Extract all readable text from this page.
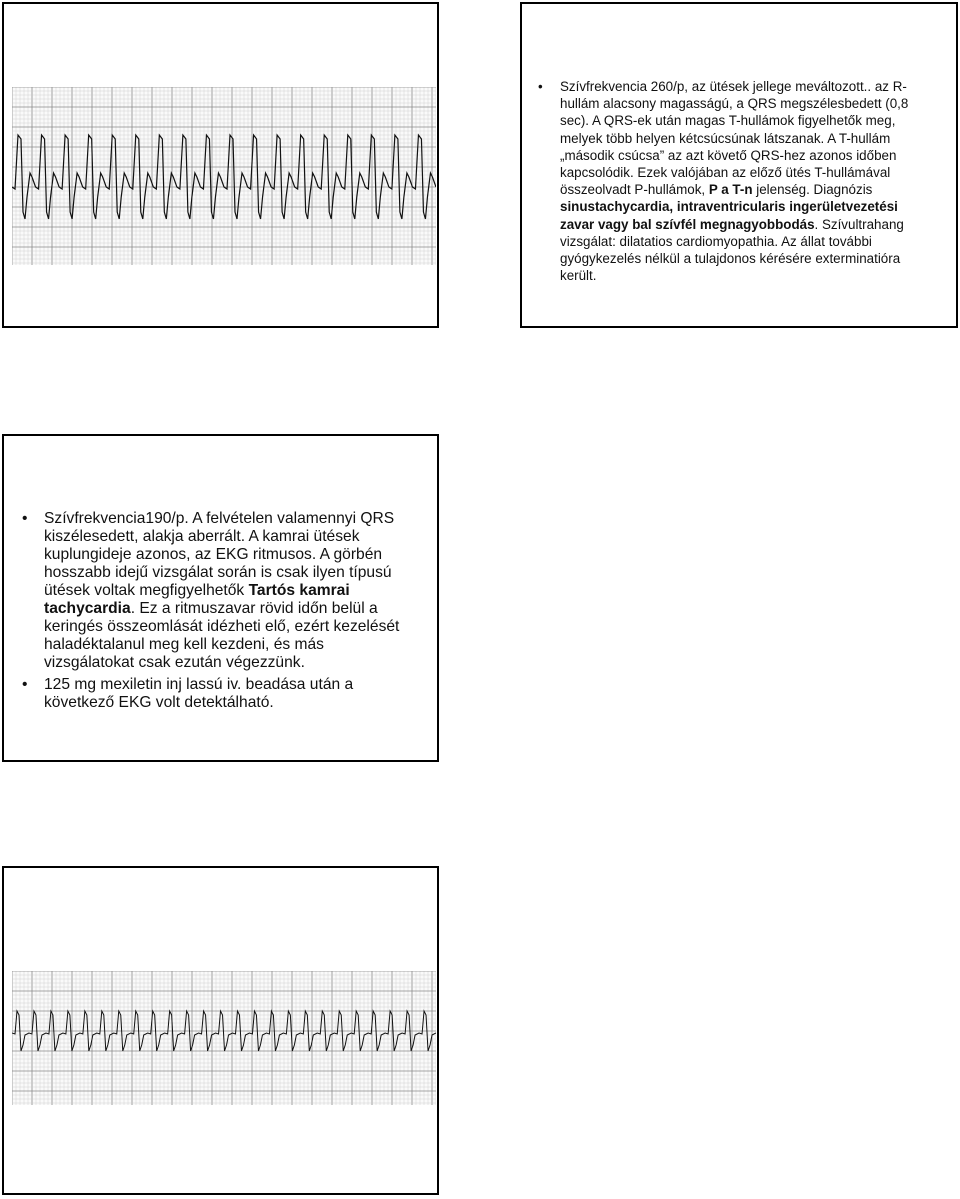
• Szívfrekvencia 260/p, az ütések jellege meváltozott.. az R-hullám alacsony magasságú, a QRS megszélesbedett (0,8 sec). A QRS-ek után magas T-hullámok figyelhetők meg, melyek több helyen kétcsúcsúnak látszanak. A T-hullám „második csúcsa” az azt követő QRS-hez azonos időben kapcsolódik. Ezek valójában az előző ütés T-hullámával összeolvadt P-hullámok, P a T-n jelenség. Diagnózis sinustachycardia, intraventricularis ingerületvezetési zavar vagy bal szívfél megnagyobbodás. Szívultrahang vizsgálat: dilatatios cardiomyopathia. Az állat további gyógykezelés nélkül a tulajdonos kérésére exterminatióra került.
• Szívfrekvencia190/p. A felvételen valamennyi QRS kiszélesedett, alakja aberrált. A kamrai ütések kuplungideje azonos, az EKG ritmusos. A görbén hosszabb idejű vizsgálat során is csak ilyen típusú ütések voltak megfigyelhetők Tartós kamrai tachycardia. Ez a ritmuszavar rövid időn belül a keringés összeomlását idézheti elő, ezért kezelését haladéktalanul meg kell kezdeni, és más vizsgálatokat csak ezután végezzünk.
• 125 mg mexiletin inj lassú iv. beadása után a következő EKG volt detektálható.
